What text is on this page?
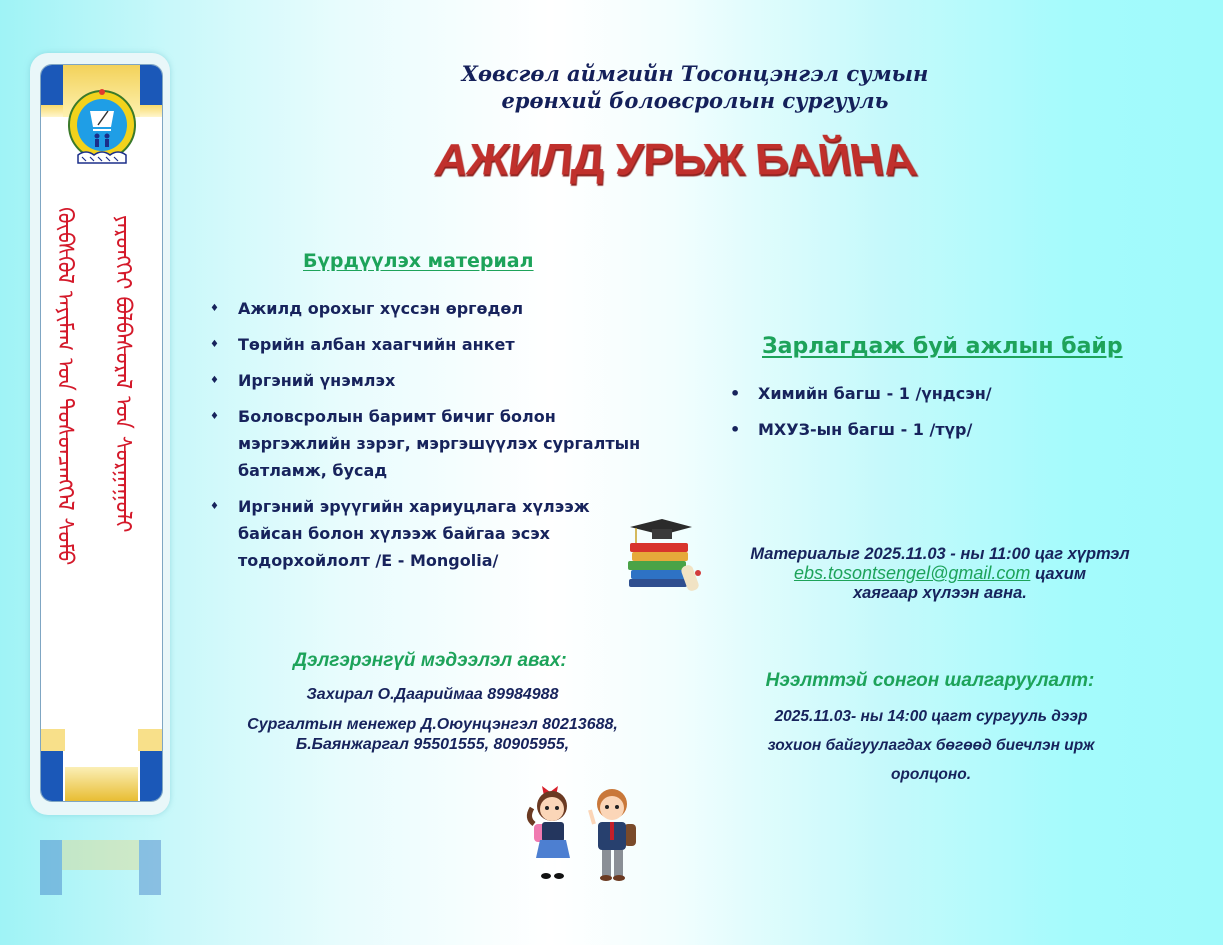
ᠬᠥᠪᠰᠭᠥᠯ ᠠᠶᠢᠮᠠᠭ ᠤᠨ ᠲᠣᠰᠣᠨᠴᠡᠩᠭᠡᠯ ᠰᠤᠮᠤ ᠶᠡᠷᠦᠩᠬᠡᠢ ᠪᠣᠯᠪᠠᠰᠤᠷᠠᠯ ᠤᠨ ᠰᠤᠷᠭᠠᠭᠤᠯᠢ
Хөвсгөл аймгийн Тосонцэнгэл сумын
ерөнхий боловсролын сургууль
АЖИЛД УРЬЖ БАЙНА
Бүрдүүлэх материал
♦ Ажилд орохыг хүссэн өргөдөл
♦ Төрийн албан хаагчийн анкет
♦ Иргэний үнэмлэх
♦ Боловсролын баримт бичиг болон мэргэжлийн зэрэг, мэргэшүүлэх сургалтын батламж, бусад
♦ Иргэний эрүүгийн хариуцлага хүлээж байсан болон хүлээж байгаа эсэх тодорхойлолт /E - Mongolia/
Зарлагдаж буй ажлын байр
• Химийн багш - 1 /үндсэн/
• МХУЗ-ын багш - 1 /түр/
Материалыг 2025.11.03 - ны 11:00 цаг хүртэл
ebs.tosontsengel@gmail.com цахим
хаягаар хүлээн авна.
Дэлгэрэнгүй мэдээлэл авах:
Захирал О.Даариймаа 89984988
Сургалтын менежер Д.Оюунцэнгэл 80213688,
Б.Баянжаргал 95501555, 80905955,
Нээлттэй сонгон шалгаруулалт:
2025.11.03- ны 14:00 цагт сургууль дээр
зохион байгуулагдах бөгөөд биечлэн ирж
оролцоно.
